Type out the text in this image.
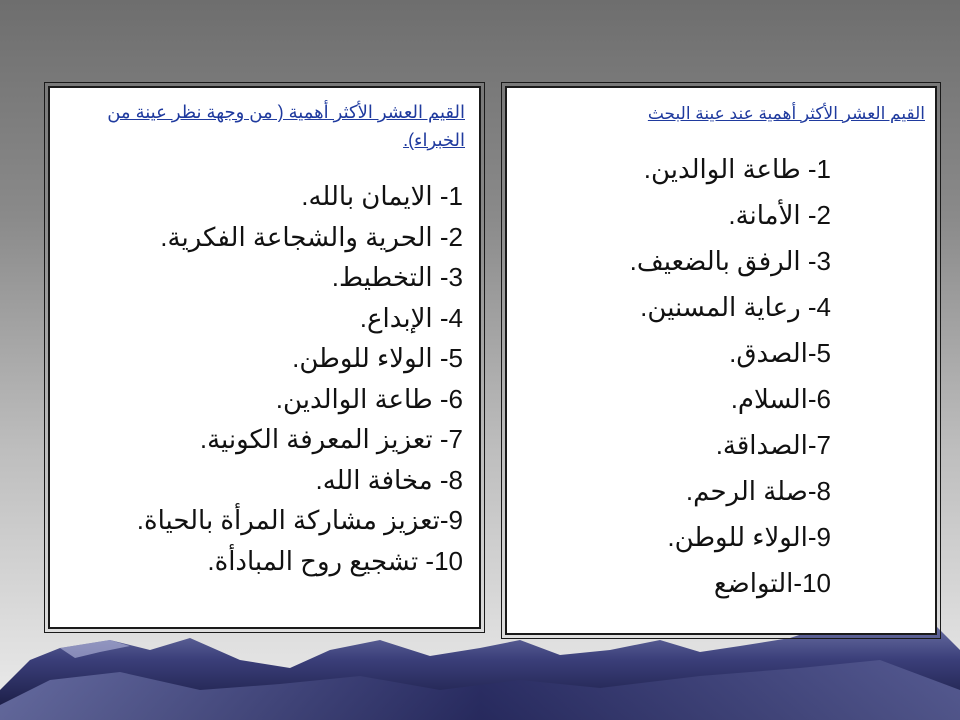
القيم العشر الأكثر أهمية ( من وجهة نظر عينة من الخبراء).

1- الايمان بالله.
2- الحرية والشجاعة الفكرية.
3- التخطيط.
4- الإبداع.
5- الولاء للوطن.
6- طاعة الوالدين.
7- تعزيز المعرفة الكونية.
8- مخافة الله.
9-تعزيز مشاركة المرأة بالحياة.
10- تشجيع روح المبادأة.

القيم العشر الأكثر أهمية عند عينة البحث

1- طاعة الوالدين.
2- الأمانة.
3- الرفق بالضعيف.
4- رعاية المسنين.
5-الصدق.
6-السلام.
7-الصداقة.
8-صلة الرحم.
9-الولاء للوطن.
10-التواضع
